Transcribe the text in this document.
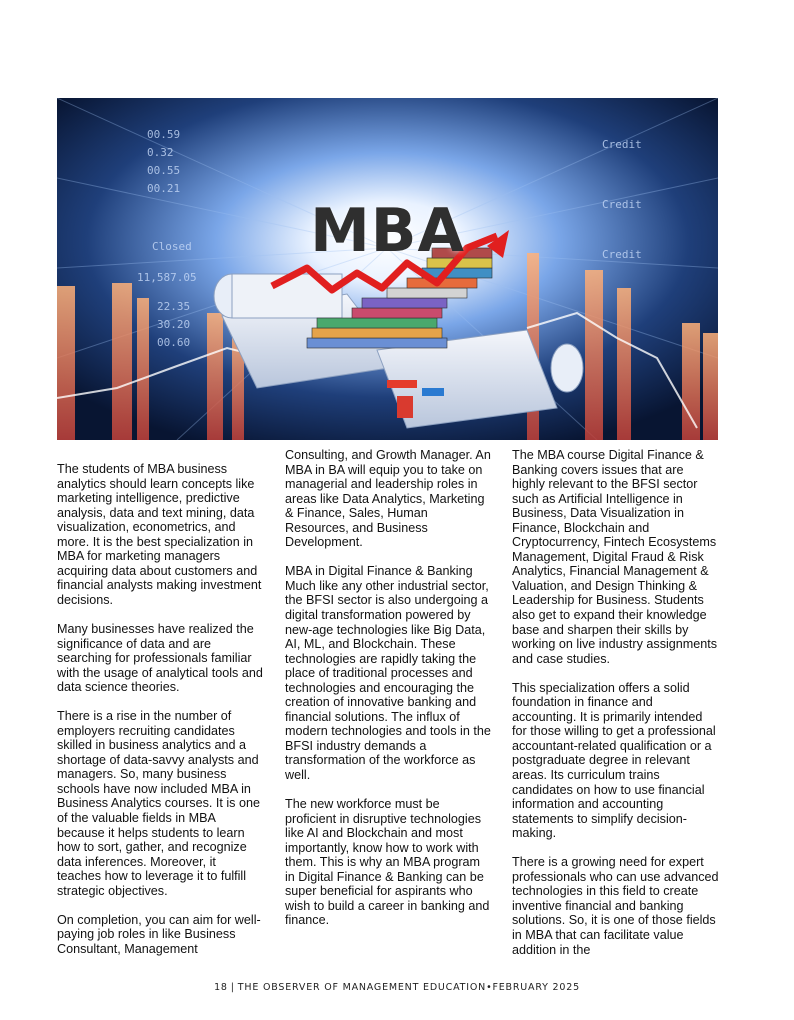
00.59
0.32
00.55
00.21
Closed
11,587.05
22.35
30.20
00.60
Credit
Credit
Credit
MBA

The students of MBA business analytics should learn concepts like marketing intelligence, predictive analysis, data and text mining, data visualization, econometrics, and more. It is the best specialization in MBA for marketing managers acquiring data about customers and financial analysts making investment decisions.

Many businesses have realized the significance of data and are searching for professionals familiar with the usage of analytical tools and data science theories.

There is a rise in the number of employers recruiting candidates skilled in business analytics and a shortage of data-savvy analysts and managers. So, many business schools have now included MBA in Business Analytics courses. It is one of the valuable fields in MBA because it helps students to learn how to sort, gather, and recognize data inferences. Moreover, it teaches how to leverage it to fulfill strategic objectives.

On completion, you can aim for well-paying job roles in like Business Consultant, Management

Consulting, and Growth Manager. An MBA in BA will equip you to take on managerial and leadership roles in areas like Data Analytics, Marketing & Finance, Sales, Human Resources, and Business Development.

MBA in Digital Finance & Banking Much like any other industrial sector, the BFSI sector is also undergoing a digital transformation powered by new-age technologies like Big Data, AI, ML, and Blockchain. These technologies are rapidly taking the place of traditional processes and technologies and encouraging the creation of innovative banking and financial solutions. The influx of modern technologies and tools in the BFSI industry demands a transformation of the workforce as well.

The new workforce must be proficient in disruptive technologies like AI and Blockchain and most importantly, know how to work with them. This is why an MBA program in Digital Finance & Banking can be super beneficial for aspirants who wish to build a career in banking and finance.

The MBA course Digital Finance & Banking covers issues that are highly relevant to the BFSI sector such as Artificial Intelligence in Business, Data Visualization in Finance, Blockchain and Cryptocurrency, Fintech Ecosystems Management, Digital Fraud & Risk Analytics, Financial Management & Valuation, and Design Thinking & Leadership for Business. Students also get to expand their knowledge base and sharpen their skills by working on live industry assignments and case studies.

This specialization offers a solid foundation in finance and accounting. It is primarily intended for those willing to get a professional accountant-related qualification or a postgraduate degree in relevant areas. Its curriculum trains candidates on how to use financial information and accounting statements to simplify decision-making.

There is a growing need for expert professionals who can use advanced technologies in this field to create inventive financial and banking solutions. So, it is one of those fields in MBA that can facilitate value addition in the

18 | THE OBSERVER OF MANAGEMENT EDUCATION•FEBRUARY 2025
